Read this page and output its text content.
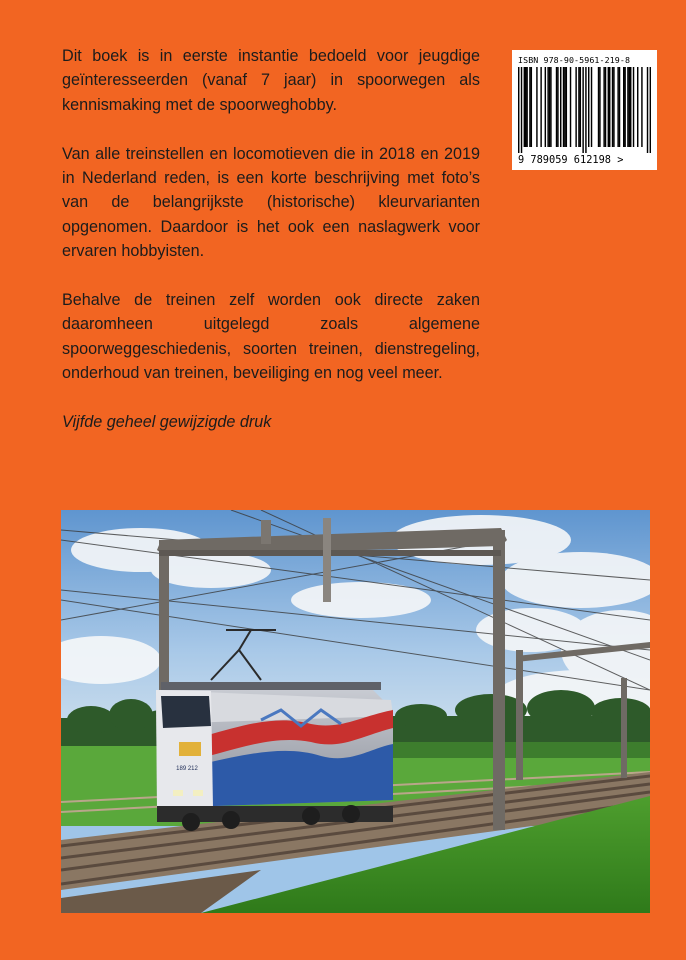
Dit boek is in eerste instantie bedoeld voor jeugdige geïnteresseerden (vanaf 7 jaar) in spoorwegen als kennismaking met de spoorweghobby.

Van alle treinstellen en locomotieven die in 2018 en 2019 in Nederland reden, is een korte beschrijving met foto’s van de belangrijkste (historische) kleurvarianten opgenomen. Daardoor is het ook een naslagwerk voor ervaren hobbyisten.

Behalve de treinen zelf worden ook directe zaken daaromheen uitgelegd zoals algemene spoorweggeschiedenis, soorten treinen, dienstregeling, onderhoud van treinen, beveiliging en nog veel meer.

Vijfde geheel gewijzigde druk

ISBN 978-90-5961-219-8
9 789059 612198 >
189 212
